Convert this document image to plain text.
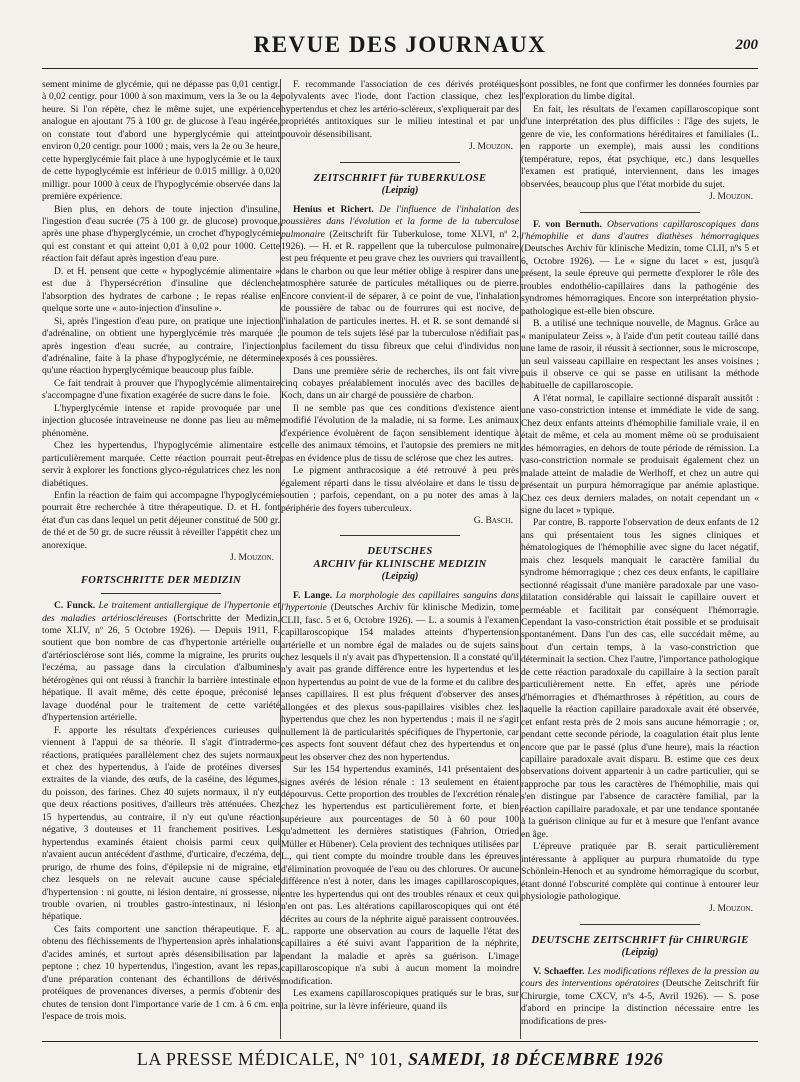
REVUE DES JOURNAUX	200

sement minime de glycémie, qui ne dépasse pas 0,01 centigr. à 0,02 centigr. pour 1000 à son maximum, vers la 3e ou la 4e heure. Si l'on répète, chez le même sujet, une expérience analogue en ajoutant 75 à 100 gr. de glucose à l'eau ingérée, on constate tout d'abord une hyperglycémie qui atteint environ 0,20 centigr. pour 1000 ; mais, vers la 2e ou 3e heure, cette hyperglycémie fait place à une hypoglycémie et le taux de cette hypoglycémie est inférieur de 0.015 milligr. à 0,020 milligr. pour 1000 à ceux de l'hypoglycémie observée dans la première expérience.

Bien plus, en dehors de toute injection d'insuline, l'ingestion d'eau sucrée (75 à 100 gr. de glucose) provoque, après une phase d'hyperglycémie, un crochet d'hypoglycémie qui est constant et qui atteint 0,01 à 0,02 pour 1000. Cette réaction fait défaut après ingestion d'eau pure.

D. et H. pensent que cette « hypoglycémie alimentaire » est due à l'hypersécrétion d'insuline que déclenche l'absorption des hydrates de carbone ; le repas réalise en quelque sorte une « auto-injection d'insuline ».

Si, après l'ingestion d'eau pure, on pratique une injection d'adrénaline, on obtient une hyperglycémie très marquée ; après ingestion d'eau sucrée, au contraire, l'injection d'adrénaline, faite à la phase d'hypoglycémie, ne détermine qu'une réaction hyperglycémique beaucoup plus faible.

Ce fait tendrait à prouver que l'hypoglycémie alimentaire s'accompagne d'une fixation exagérée de sucre dans le foie.

L'hyperglycémie intense et rapide provoquée par une injection glucosée intraveineuse ne donne pas lieu au même phénomène.

Chez les hypertendus, l'hypoglycémie alimentaire est particulièrement marquée. Cette réaction pourrait peut-être servir à explorer les fonctions glyco-régulatrices chez les non diabétiques.

Enfin la réaction de faim qui accompagne l'hypoglycémie pourrait être recherchée à titre thérapeutique. D. et H. font état d'un cas dans lequel un petit déjeuner constitué de 500 gr. de thé et de 50 gr. de sucre réussit à réveiller l'appétit chez un anorexique.

J. Mouzon.
FORTSCHRITTE DER MEDIZIN

C. Funck. Le traitement antiallergique de l'hypertonie et des maladies artérioscléreuses (Fortschritte der Medizin, tome XLIV, nº 26, 5 Octobre 1926). — Depuis 1911, F. soutient que bon nombre de cas d'hypertonie artérielle ou d'artériosclérose sont liés, comme la migraine, les prurits ou l'eczéma, au passage dans la circulation d'albumines hétérogènes qui ont réussi à franchir la barrière intestinale et hépatique. Il avait même, dès cette époque, préconisé le lavage duodénal pour le traitement de cette variété d'hypertension artérielle.

F. apporte les résultats d'expériences curieuses qui viennent à l'appui de sa théorie. Il s'agit d'intradermo-réactions, pratiquées parallèlement chez des sujets normaux et chez des hypertendus, à l'aide de protéines diverses extraites de la viande, des œufs, de la caséine, des légumes, du poisson, des farines. Chez 40 sujets normaux, il n'y eut que deux réactions positives, d'ailleurs très atténuées. Chez 15 hypertendus, au contraire, il n'y eut qu'une réaction négative, 3 douteuses et 11 franchement positives. Les hypertendus examinés étaient choisis parmi ceux qui n'avaient aucun antécédent d'asthme, d'urticaire, d'eczéma, de prurigo, de rhume des foins, d'épilepsie ni de migraine, et chez lesquels on ne relevait aucune cause spéciale d'hypertension : ni goutte, ni lésion dentaire, ni grossesse, ni trouble ovarien, ni troubles gastro-intestinaux, ni lésion hépatique.

Ces faits comportent une sanction thérapeutique. F. a obtenu des fléchissements de l'hypertension après inhalations d'acides aminés, et surtout après désensibilisation par la peptone ; chez 10 hypertendus, l'ingestion, avant les repas, d'une préparation contenant des échantillons de dérivés protéiques de provenances diverses, a permis d'obtenir des chutes de tension dont l'importance varie de 1 cm. à 6 cm. en l'espace de trois mois.

F. recommande l'association de ces dérivés protéiques polyvalents avec l'iode, dont l'action classique, chez les hypertendus et chez les artério-scléreux, s'expliquerait par des propriétés antitoxiques sur le milieu intestinal et par un pouvoir désensibilisant.

J. Mouzon.
ZEITSCHRIFT für TUBERKULOSE
(Leipzig)

Henius et Richert. De l'influence de l'inhalation des poussières dans l'évolution et la forme de la tuberculose pulmonaire (Zeitschrift für Tuberkulose, tome XLVI, nº 2, 1926). — H. et R. rappellent que la tuberculose pulmonaire est peu fréquente et peu grave chez les ouvriers qui travaillent dans le charbon ou que leur métier oblige à respirer dans une atmosphère saturée de particules métalliques ou de pierre. Encore convient-il de séparer, à ce point de vue, l'inhalation de poussière de tabac ou de fourrures qui est nocive, de l'inhalation de particules inertes. H. et R. se sont demandé si le poumon de tels sujets lésé par la tuberculose n'édifiait pas plus facilement du tissu fibreux que celui d'individus non exposés à ces poussières.

Dans une première série de recherches, ils ont fait vivre cinq cobayes préalablement inoculés avec des bacilles de Koch, dans un air chargé de poussière de charbon.

Il ne semble pas que ces conditions d'existence aient modifié l'évolution de la maladie, ni sa forme. Les animaux d'expérience évoluèrent de façon sensiblement identique à celle des animaux témoins, et l'autopsie des premiers ne mit pas en évidence plus de tissu de sclérose que chez les autres.

Le pigment anthracosique a été retrouvé à peu près également réparti dans le tissu alvéolaire et dans le tissu de soutien ; parfois, cependant, on a pu noter des amas à la périphérie des foyers tuberculeux.

G. Basch.
DEUTSCHES
ARCHIV für KLINISCHE MEDIZIN
(Leipzig)

F. Lange. La morphologie des capillaires sanguins dans l'hypertonie (Deutsches Archiv für klinische Medizin, tome CLII, fasc. 5 et 6, Octobre 1926). — L. a soumis à l'examen capillaroscopique 154 malades atteints d'hypertension artérielle et un nombre égal de malades ou de sujets sains chez lesquels il n'y avait pas d'hypertension. Il a constaté qu'il n'y avait pas grande différence entre les hypertendus et les non hypertendus au point de vue de la forme et du calibre des anses capillaires. Il est plus fréquent d'observer des anses allongées et des plexus sous-papillaires visibles chez les hypertendus que chez les non hypertendus ; mais il ne s'agit nullement là de particularités spécifiques de l'hypertonie, car ces aspects font souvent défaut chez des hypertendus et on peut les observer chez des non hypertendus.

Sur les 154 hypertendus examinés, 141 présentaient des signes avérés de lésion rénale : 13 seulement en étaient dépourvus. Cette proportion des troubles de l'excrétion rénale chez les hypertendus est particulièrement forte, et bien supérieure aux pourcentages de 50 à 60 pour 100 qu'admettent les dernières statistiques (Fahrion, Otried Müller et Hübener). Cela provient des techniques utilisées par L., qui tient compte du moindre trouble dans les épreuves d'élimination provoquée de l'eau ou des chlorures. Or aucune différence n'est à noter, dans les images capillaroscopiques, entre les hypertendus qui ont des troubles rénaux et ceux qui n'en ont pas. Les altérations capillaroscopiques qui ont été décrites au cours de la néphrite aiguë paraissent controuvées. L. rapporte une observation au cours de laquelle l'état des capillaires a été suivi avant l'apparition de la néphrite, pendant la maladie et après sa guérison. L'image capillaroscopique n'a subi à aucun moment la moindre modification.

Les examens capillaroscopiques pratiqués sur le bras, sur la poitrine, sur la lèvre inférieure, quand ils

sont possibles, ne font que confirmer les données fournies par l'exploration du limbe digital.

En fait, les résultats de l'examen capillaroscopique sont d'une interprétation des plus difficiles : l'âge des sujets, le genre de vie, les conformations héréditaires et familiales (L. en rapporte un exemple), mais aussi les conditions (température, repos, état psychique, etc.) dans lesquelles l'examen est pratiqué, interviennent, dans les images observées, beaucoup plus que l'état morbide du sujet.

J. Mouzon.

F. von Bernuth. Observations capillaroscopiques dans l'hémophilie et dans d'autres diathèses hémorragiques (Deutsches Archiv für klinische Medizin, tome CLII, nºs 5 et 6, Octobre 1926). — Le « signe du lacet » est, jusqu'à présent, la seule épreuve qui permette d'explorer le rôle des troubles endothélio-capillaires dans la pathogénie des syndromes hémorragiques. Encore son interprétation physio-pathologique est-elle bien obscure.

B. a utilisé une technique nouvelle, de Magnus. Grâce au « manipulateur Zeiss », à l'aide d'un petit couteau taillé dans une lame de rasoir, il réussit à sectionner, sous le microscope, un seul vaisseau capillaire en respectant les anses voisines ; puis il observe ce qui se passe en utilisant la méthode habituelle de capillaroscopie.

A l'état normal, le capillaire sectionné disparaît aussitôt : une vaso-constriction intense et immédiate le vide de sang. Chez deux enfants atteints d'hémophilie familiale vraie, il en était de même, et cela au moment même où se produisaient des hémorragies, en dehors de toute période de rémission. La vaso-constriction normale se produisait également chez un malade atteint de maladie de Werlhoff, et chez un autre qui présentait un purpura hémorragique par anémie aplastique. Chez ces deux derniers malades, on notait cependant un « signe du lacet » typique.

Par contre, B. rapporte l'observation de deux enfants de 12 ans qui présentaient tous les signes cliniques et hématologiques de l'hémophilie avec signe du lacet négatif, mais chez lesquels manquait le caractère familial du syndrome hémorragique ; chez ces deux enfants, le capillaire sectionné réagissait d'une manière paradoxale par une vaso-dilatation considérable qui laissait le capillaire ouvert et perméable et facilitait par conséquent l'hémorragie. Cependant la vaso-constriction était possible et se produisait spontanément. Dans l'un des cas, elle succédait même, au bout d'un certain temps, à la vaso-constriction que déterminait la section. Chez l'autre, l'importance pathologique de cette réaction paradoxale du capillaire à la section paraît particulièrement nette. En effet, après une période d'hémorragies et d'hémarthroses à répétition, au cours de laquelle la réaction capillaire paradoxale avait été observée, cet enfant resta près de 2 mois sans aucune hémorragie ; or, pendant cette seconde période, la coagulation était plus lente encore que par le passé (plus d'une heure), mais la réaction capillaire paradoxale avait disparu. B. estime que ces deux observations doivent appartenir à un cadre particulier, qui se rapproche par tous les caractères de l'hémophilie, mais qui s'en distingue par l'absence de caractère familial, par la réaction capillaire paradoxale, et par une tendance spontanée à la guérison clinique au fur et à mesure que l'enfant avance en âge.

L'épreuve pratiquée par B. serait particulièrement intéressante à appliquer au purpura rhumatoïde du type Schönlein-Henoch et au syndrome hémorragique du scorbut, étant donné l'obscurité complète qui continue à entourer leur physiologie pathologique.

J. Mouzon.
DEUTSCHE ZEITSCHRIFT für CHIRURGIE
(Leipzig)

V. Schaeffer. Les modifications réflexes de la pression au cours des interventions opératoires (Deutsche Zeitschrift für Chirurgie, tome CXCV, nºs 4-5, Avril 1926). — S. pose d'abord en principe la distinction nécessaire entre les modifications de pres-

LA PRESSE MÉDICALE, Nº 101, SAMEDI, 18 DÉCEMBRE 1926
